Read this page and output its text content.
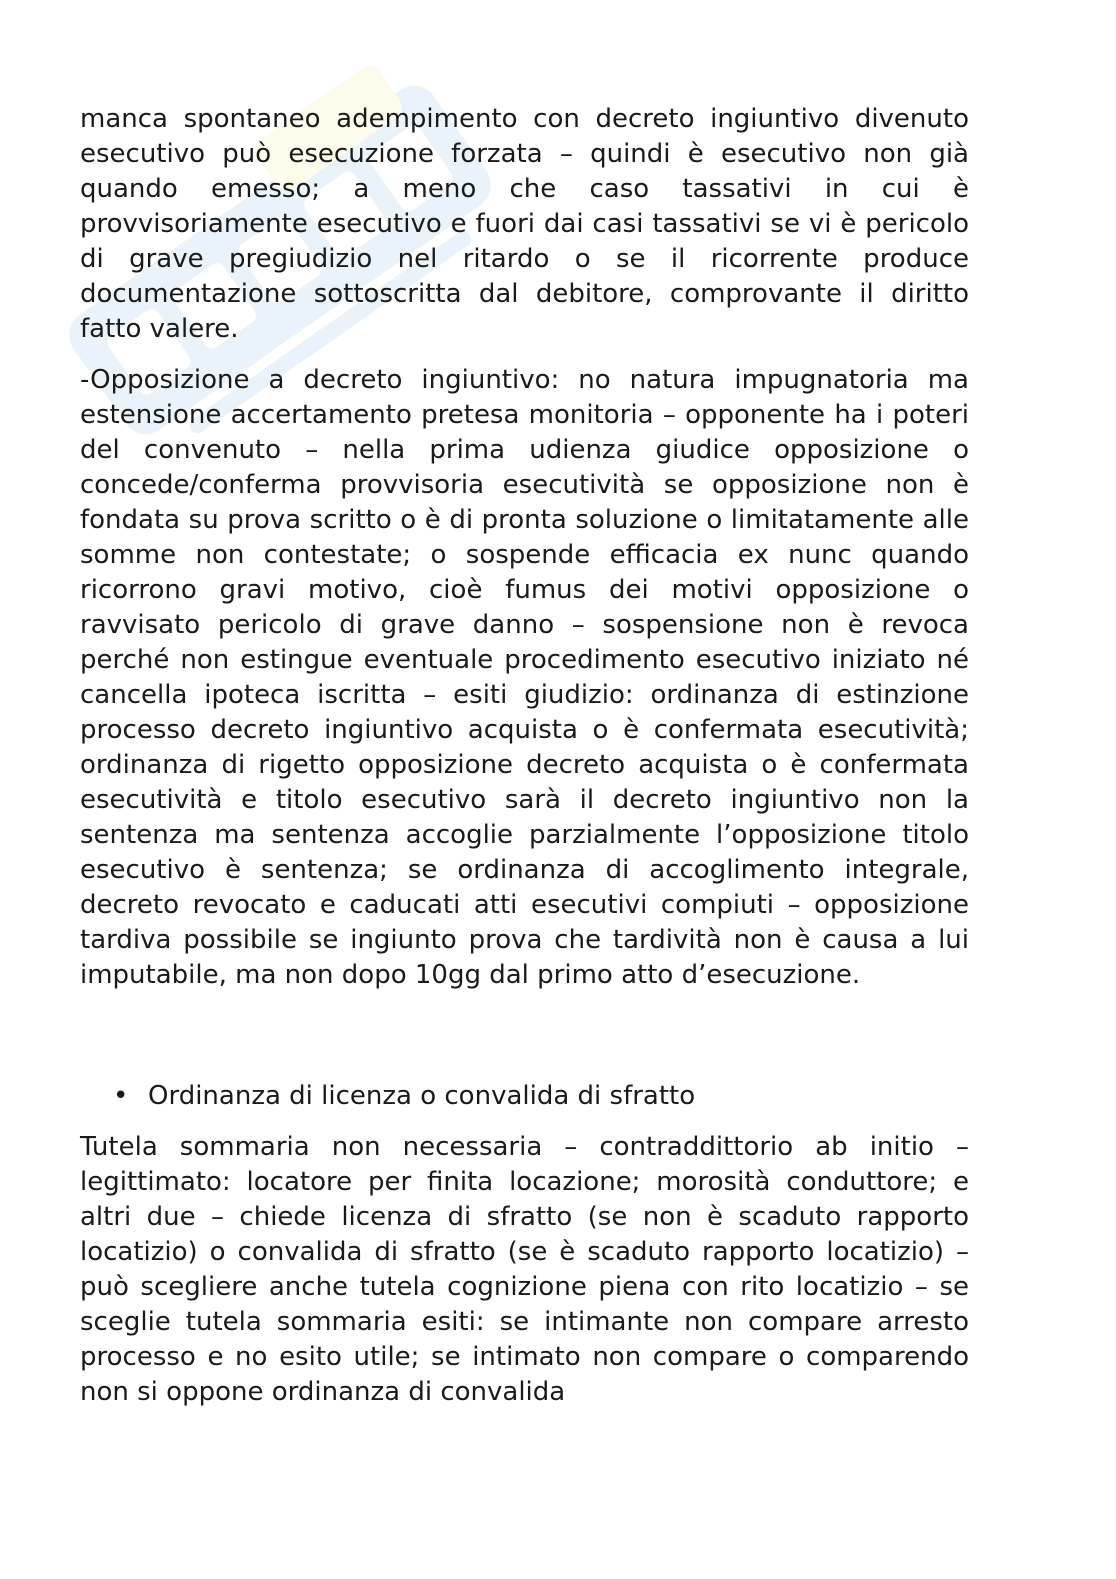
manca spontaneo adempimento con decreto ingiuntivo divenuto esecutivo può esecuzione forzata – quindi è esecutivo non già quando emesso; a meno che caso tassativi in cui è provvisoriamente esecutivo e fuori dai casi tassativi se vi è pericolo di grave pregiudizio nel ritardo o se il ricorrente produce documentazione sottoscritta dal debitore, comprovante il diritto fatto valere.

-Opposizione a decreto ingiuntivo: no natura impugnatoria ma estensione accertamento pretesa monitoria – opponente ha i poteri del convenuto – nella prima udienza giudice opposizione o concede/conferma provvisoria esecutività se opposizione non è fondata su prova scritto o è di pronta soluzione o limitatamente alle somme non contestate; o sospende efficacia ex nunc quando ricorrono gravi motivo, cioè fumus dei motivi opposizione o ravvisato pericolo di grave danno – sospensione non è revoca perché non estingue eventuale procedimento esecutivo iniziato né cancella ipoteca iscritta – esiti giudizio: ordinanza di estinzione processo decreto ingiuntivo acquista o è confermata esecutività; ordinanza di rigetto opposizione decreto acquista o è confermata esecutività e titolo esecutivo sarà il decreto ingiuntivo non la sentenza ma sentenza accoglie parzialmente l’opposizione titolo esecutivo è sentenza; se ordinanza di accoglimento integrale, decreto revocato e caducati atti esecutivi compiuti – opposizione tardiva possibile se ingiunto prova che tardività non è causa a lui imputabile, ma non dopo 10gg dal primo atto d’esecuzione.

• Ordinanza di licenza o convalida di sfratto

Tutela sommaria non necessaria – contraddittorio ab initio – legittimato: locatore per finita locazione; morosità conduttore; e altri due – chiede licenza di sfratto (se non è scaduto rapporto locatizio) o convalida di sfratto (se è scaduto rapporto locatizio) – può scegliere anche tutela cognizione piena con rito locatizio – se sceglie tutela sommaria esiti: se intimante non compare arresto processo e no esito utile; se intimato non compare o comparendo non si oppone ordinanza di convalida
